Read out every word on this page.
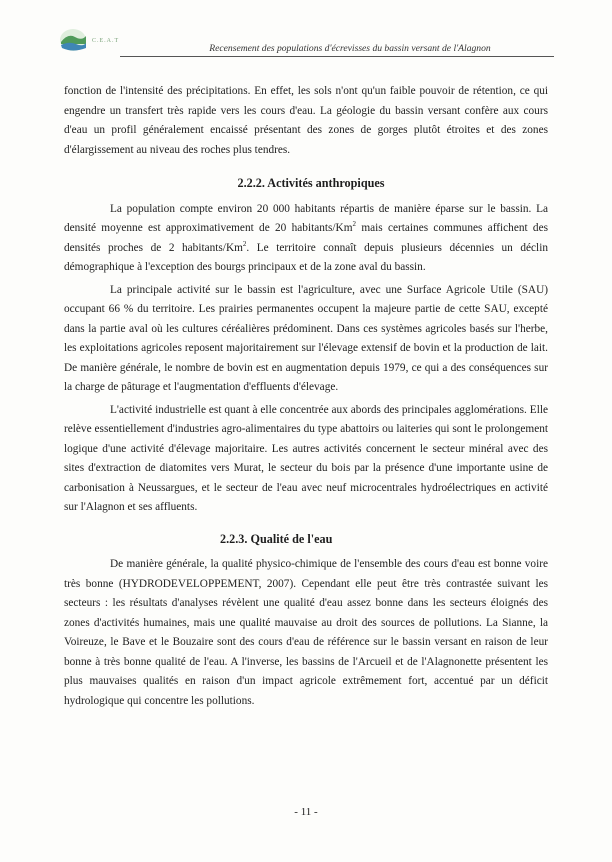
C.E.A.T
Recensement des populations d'écrevisses du bassin versant de l'Alagnon

fonction de l'intensité des précipitations. En effet, les sols n'ont qu'un faible pouvoir de rétention, ce qui engendre un transfert très rapide vers les cours d'eau. La géologie du bassin versant confère aux cours d'eau un profil généralement encaissé présentant des zones de gorges plutôt étroites et des zones d'élargissement au niveau des roches plus tendres.

2.2.2. Activités anthropiques

La population compte environ 20 000 habitants répartis de manière éparse sur le bassin. La densité moyenne est approximativement de 20 habitants/Km$^2$ mais certaines communes affichent des densités proches de 2 habitants/Km$^2$. Le territoire connaît depuis plusieurs décennies un déclin démographique à l'exception des bourgs principaux et de la zone aval du bassin.

La principale activité sur le bassin est l'agriculture, avec une Surface Agricole Utile (SAU) occupant 66 % du territoire. Les prairies permanentes occupent la majeure partie de cette SAU, excepté dans la partie aval où les cultures céréalières prédominent. Dans ces systèmes agricoles basés sur l'herbe, les exploitations agricoles reposent majoritairement sur l'élevage extensif de bovin et la production de lait. De manière générale, le nombre de bovin est en augmentation depuis 1979, ce qui a des conséquences sur la charge de pâturage et l'augmentation d'effluents d'élevage.

L'activité industrielle est quant à elle concentrée aux abords des principales agglomérations. Elle relève essentiellement d'industries agro-alimentaires du type abattoirs ou laiteries qui sont le prolongement logique d'une activité d'élevage majoritaire. Les autres activités concernent le secteur minéral avec des sites d'extraction de diatomites vers Murat, le secteur du bois par la présence d'une importante usine de carbonisation à Neussargues, et le secteur de l'eau avec neuf microcentrales hydroélectriques en activité sur l'Alagnon et ses affluents.

2.2.3. Qualité de l'eau

De manière générale, la qualité physico-chimique de l'ensemble des cours d'eau est bonne voire très bonne (HYDRODEVELOPPEMENT, 2007). Cependant elle peut être très contrastée suivant les secteurs : les résultats d'analyses révèlent une qualité d'eau assez bonne dans les secteurs éloignés des zones d'activités humaines, mais une qualité mauvaise au droit des sources de pollutions. La Sianne, la Voireuze, le Bave et le Bouzaire sont des cours d'eau de référence sur le bassin versant en raison de leur bonne à très bonne qualité de l'eau. A l'inverse, les bassins de l'Arcueil et de l'Alagnonette présentent les plus mauvaises qualités en raison d'un impact agricole extrêmement fort, accentué par un déficit hydrologique qui concentre les pollutions.

- 11 -
